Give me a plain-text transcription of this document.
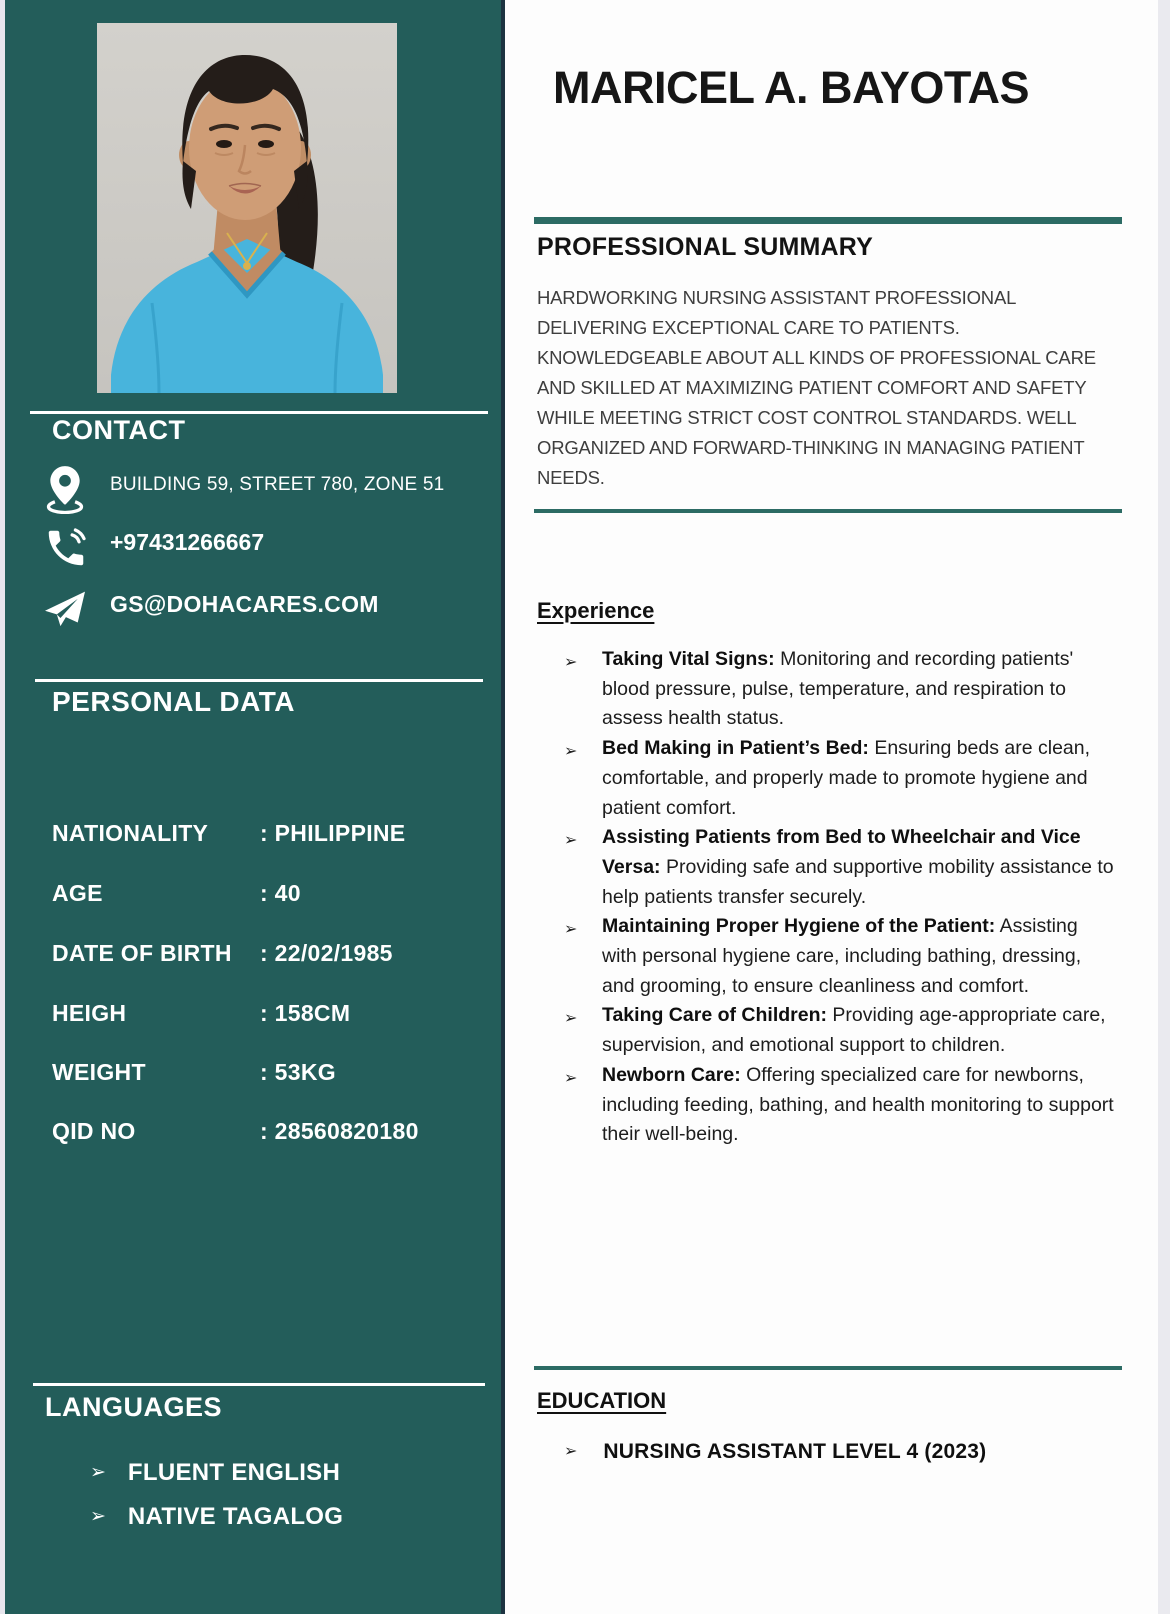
CONTACT
BUILDING 59, STREET 780, ZONE 51
+97431266667
GS@DOHACARES.COM
PERSONAL DATA
NATIONALITY	: PHILIPPINE
AGE	: 40
DATE OF BIRTH	: 22/02/1985
HEIGH	: 158CM
WEIGHT	: 53KG
QID NO	: 28560820180
LANGUAGES
➢ FLUENT ENGLISH
➢ NATIVE TAGALOG
MARICEL A. BAYOTAS
PROFESSIONAL SUMMARY
HARDWORKING NURSING ASSISTANT PROFESSIONAL DELIVERING EXCEPTIONAL CARE TO PATIENTS. KNOWLEDGEABLE ABOUT ALL KINDS OF PROFESSIONAL CARE AND SKILLED AT MAXIMIZING PATIENT COMFORT AND SAFETY WHILE MEETING STRICT COST CONTROL STANDARDS. WELL ORGANIZED AND FORWARD-THINKING IN MANAGING PATIENT NEEDS.
Experience
➢	Taking Vital Signs: Monitoring and recording patients' blood pressure, pulse, temperature, and respiration to assess health status.
➢	Bed Making in Patient’s Bed: Ensuring beds are clean, comfortable, and properly made to promote hygiene and patient comfort.
➢	Assisting Patients from Bed to Wheelchair and Vice Versa: Providing safe and supportive mobility assistance to help patients transfer securely.
➢	Maintaining Proper Hygiene of the Patient: Assisting with personal hygiene care, including bathing, dressing, and grooming, to ensure cleanliness and comfort.
➢	Taking Care of Children: Providing age-appropriate care, supervision, and emotional support to children.
➢	Newborn Care: Offering specialized care for newborns, including feeding, bathing, and health monitoring to support their well-being.
EDUCATION
➢ NURSING ASSISTANT LEVEL 4 (2023)
